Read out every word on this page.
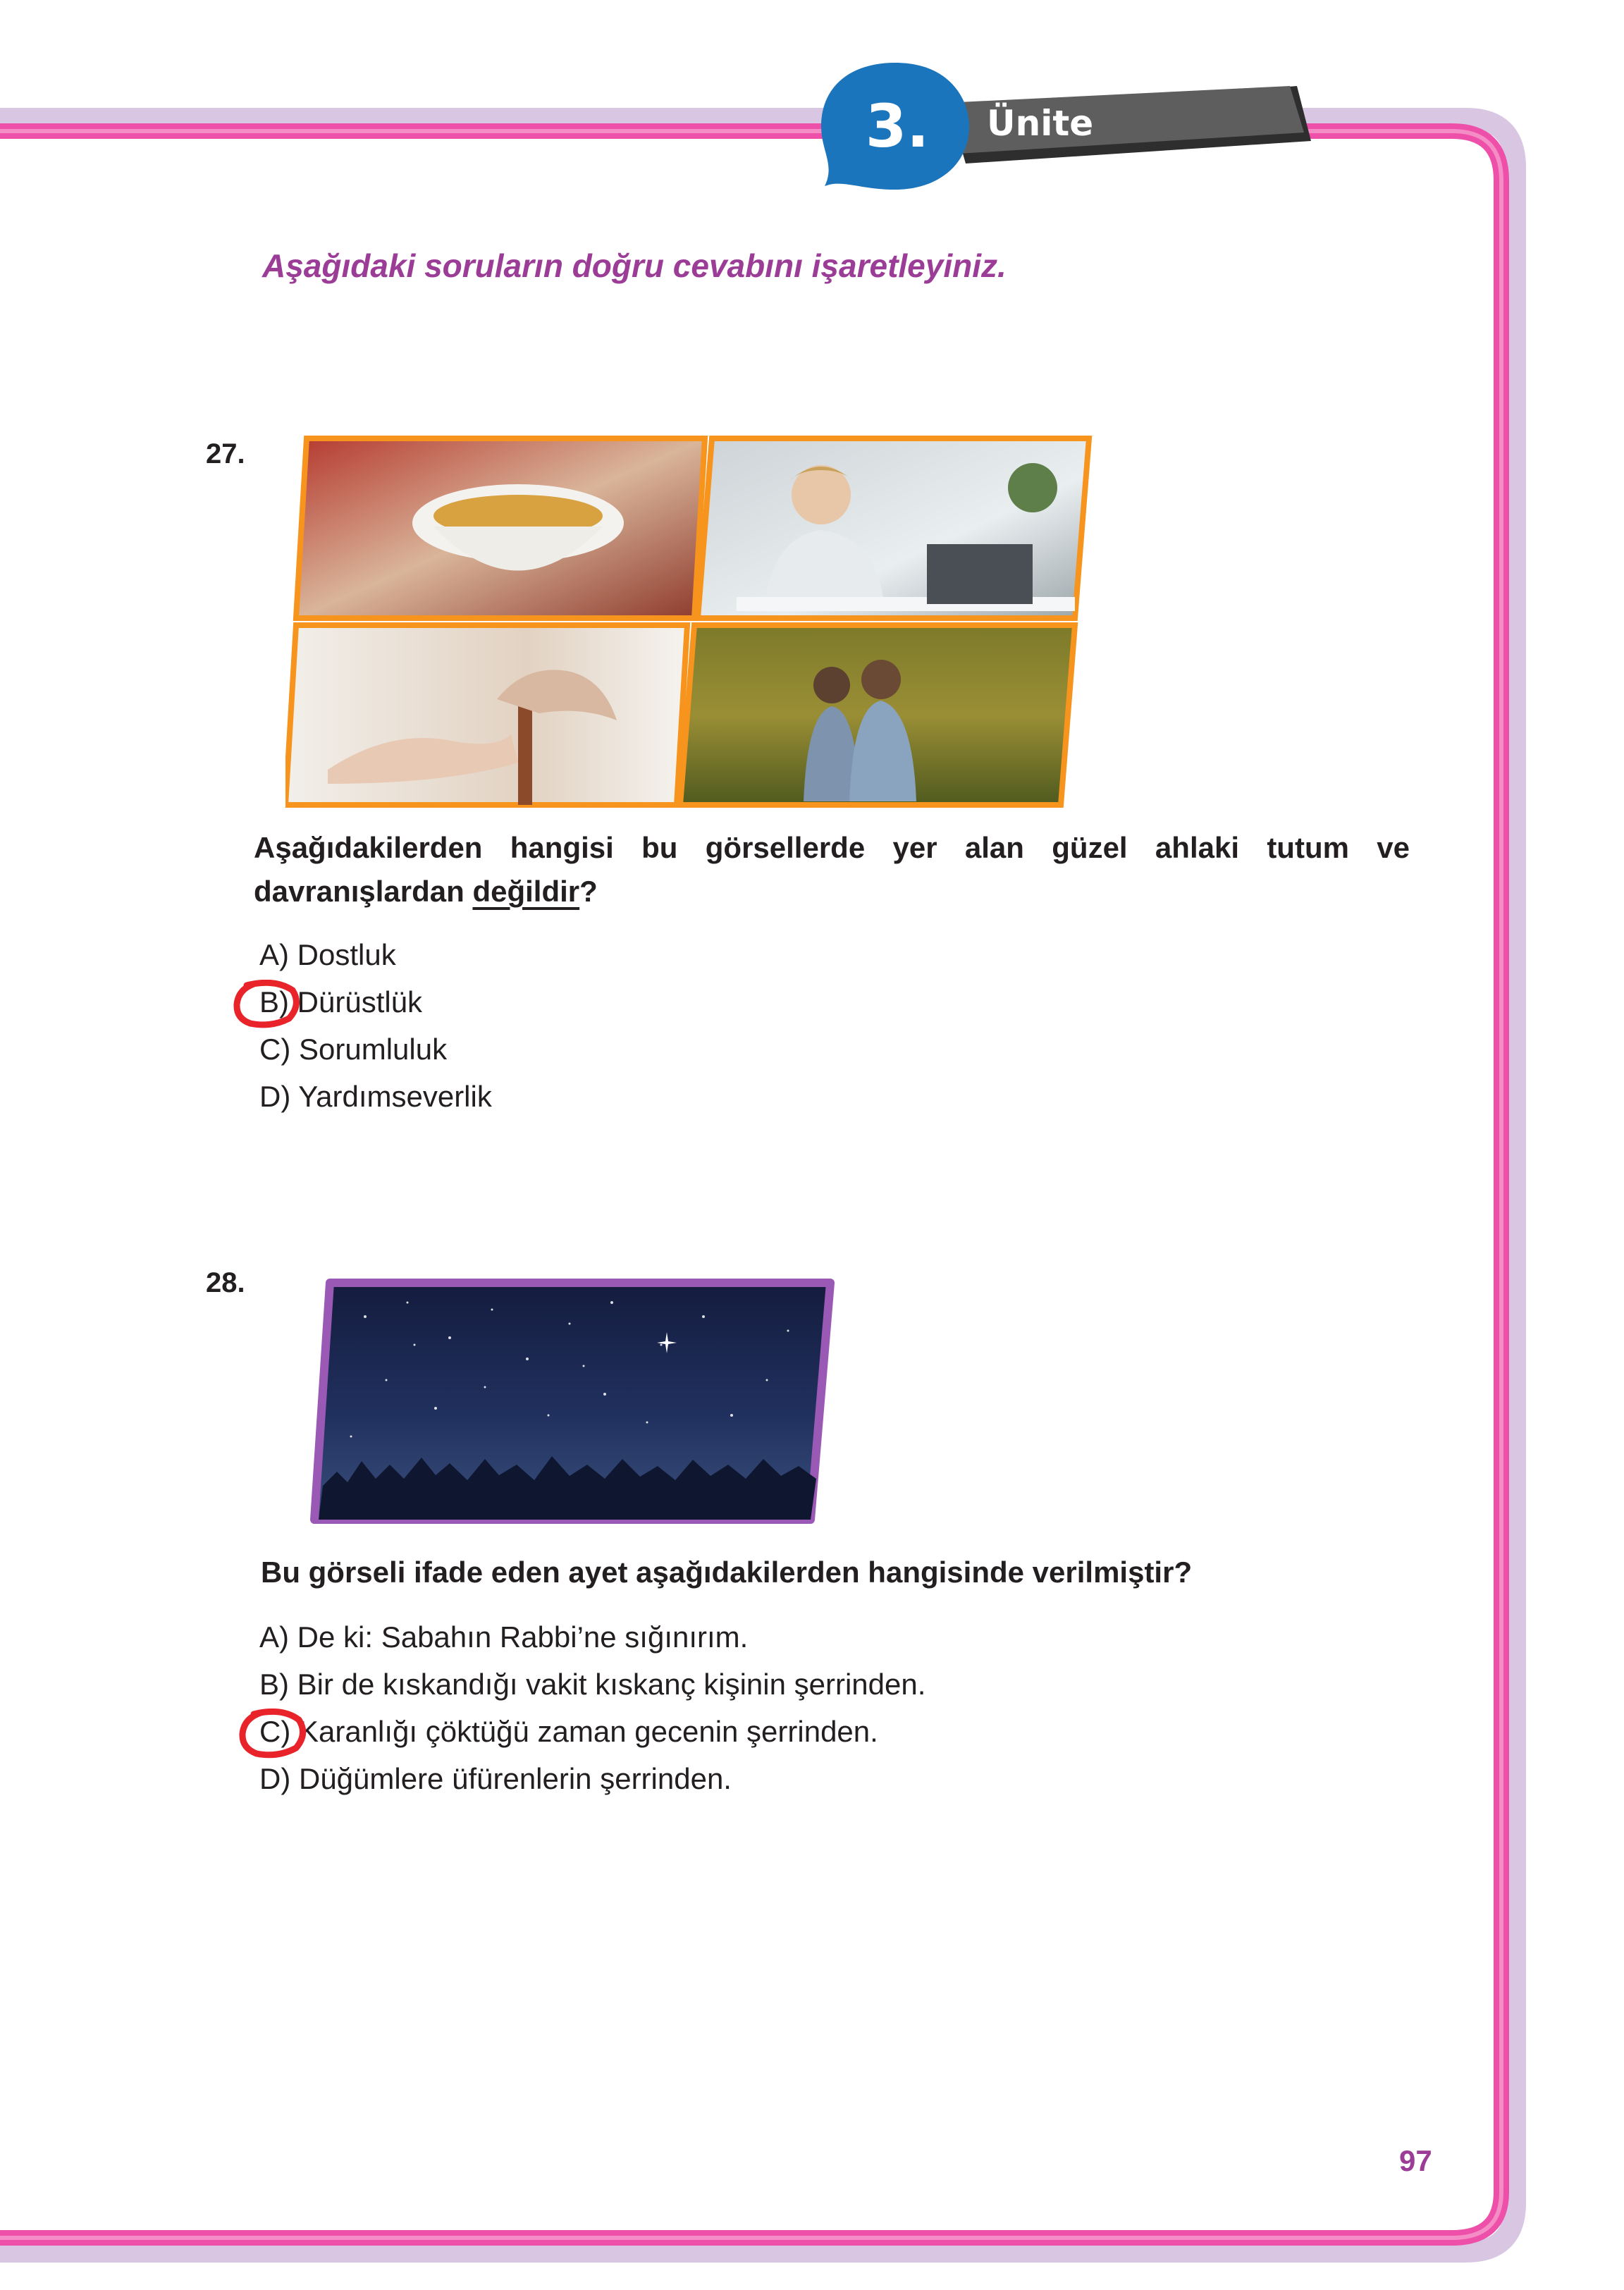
3.	Ünite
Aşağıdaki soruların doğru cevabını işaretleyiniz.
27.
Aşağıdakilerden hangisi bu görsellerde yer alan güzel ahlaki tutum ve
davranışlardan değildir?
A) Dostluk
B) Dürüstlük
C) Sorumluluk
D) Yardımseverlik
28.
Bu görseli ifade eden ayet aşağıdakilerden hangisinde verilmiştir?
A) De ki: Sabahın Rabbi’ne sığınırım.
B) Bir de kıskandığı vakit kıskanç kişinin şerrinden.
C) Karanlığı çöktüğü zaman gecenin şerrinden.
D) Düğümlere üfürenlerin şerrinden.
97
